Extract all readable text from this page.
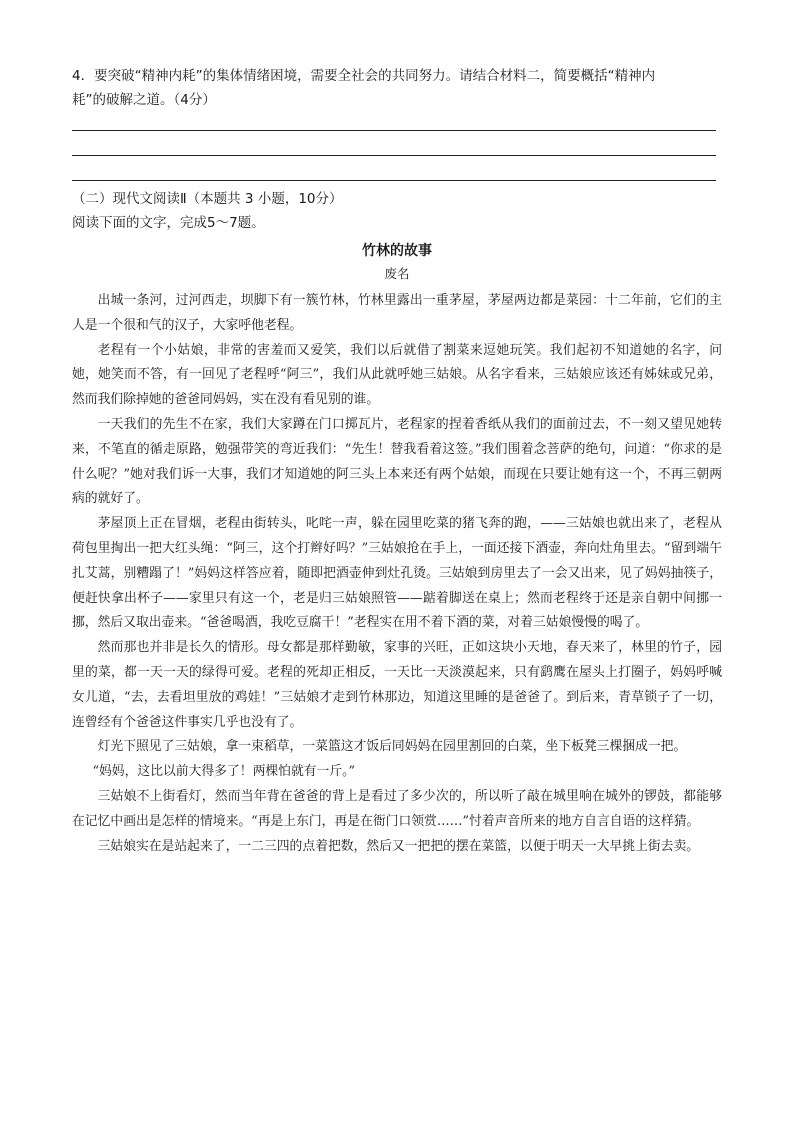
4．要突破“精神内耗”的集体情绪困境，需要全社会的共同努力。请结合材料二，简要概括“精神内
耗”的破解之道。（4分）
（二）现代文阅读Ⅱ（本题共 3 小题，10分）
阅读下面的文字，完成5～7题。
竹林的故事
废名

出城一条河，过河西走，坝脚下有一簇竹林，竹林里露出一重茅屋，茅屋两边都是菜园：十二年前，它们的主人是一个很和气的汉子，大家呼他老程。

老程有一个小姑娘，非常的害羞而又爱笑，我们以后就借了割菜来逗她玩笑。我们起初不知道她的名字，问她，她笑而不答，有一回见了老程呼“阿三”，我们从此就呼她三姑娘。从名字看来，三姑娘应该还有姊妹或兄弟，然而我们除掉她的爸爸同妈妈，实在没有看见别的谁。

一天我们的先生不在家，我们大家蹲在门口掷瓦片，老程家的捏着香纸从我们的面前过去，不一刻又望见她转来，不笔直的循走原路，勉强带笑的弯近我们：“先生！替我看着这签。”我们围着念菩萨的绝句，问道：“你求的是什么呢？”她对我们诉一大事，我们才知道她的阿三头上本来还有两个姑娘，而现在只要让她有这一个，不再三朝两病的就好了。

茅屋顶上正在冒烟，老程由街转头，叱咤一声，躲在园里吃菜的猪飞奔的跑，——三姑娘也就出来了，老程从荷包里掏出一把大红头绳：“阿三，这个打辫好吗？”三姑娘抢在手上，一面还接下酒壶，奔向灶角里去。“留到端午扎艾蒿，别糟蹋了！”妈妈这样答应着，随即把酒壶伸到灶孔烫。三姑娘到房里去了一会又出来，见了妈妈抽筷子，便赶快拿出杯子——家里只有这一个，老是归三姑娘照管——踮着脚送在桌上；然而老程终于还是亲自朝中间挪一挪，然后又取出壶来。“爸爸喝酒，我吃豆腐干！”老程实在用不着下酒的菜，对着三姑娘慢慢的喝了。

然而那也并非是长久的情形。母女都是那样勤敏，家事的兴旺，正如这块小天地，春天来了，林里的竹子，园里的菜，都一天一天的绿得可爱。老程的死却正相反，一天比一天淡漠起来，只有鹞鹰在屋头上打圈子，妈妈呼喊女儿道，“去，去看坦里放的鸡娃！”三姑娘才走到竹林那边，知道这里睡的是爸爸了。到后来，青草锁子了一切，连曾经有个爸爸这件事实几乎也没有了。

灯光下照见了三姑娘，拿一束稻草，一菜篮这才饭后同妈妈在园里割回的白菜，坐下板凳三棵捆成一把。

“妈妈，这比以前大得多了！两棵怕就有一斤。”

三姑娘不上街看灯，然而当年背在爸爸的背上是看过了多少次的，所以听了敲在城里响在城外的锣鼓，都能够在记忆中画出是怎样的情境来。“再是上东门，再是在衙门口领赏……”忖着声音所来的地方自言自语的这样猜。

三姑娘实在是站起来了，一二三四的点着把数，然后又一把把的摆在菜篮，以便于明天一大早挑上街去卖。
